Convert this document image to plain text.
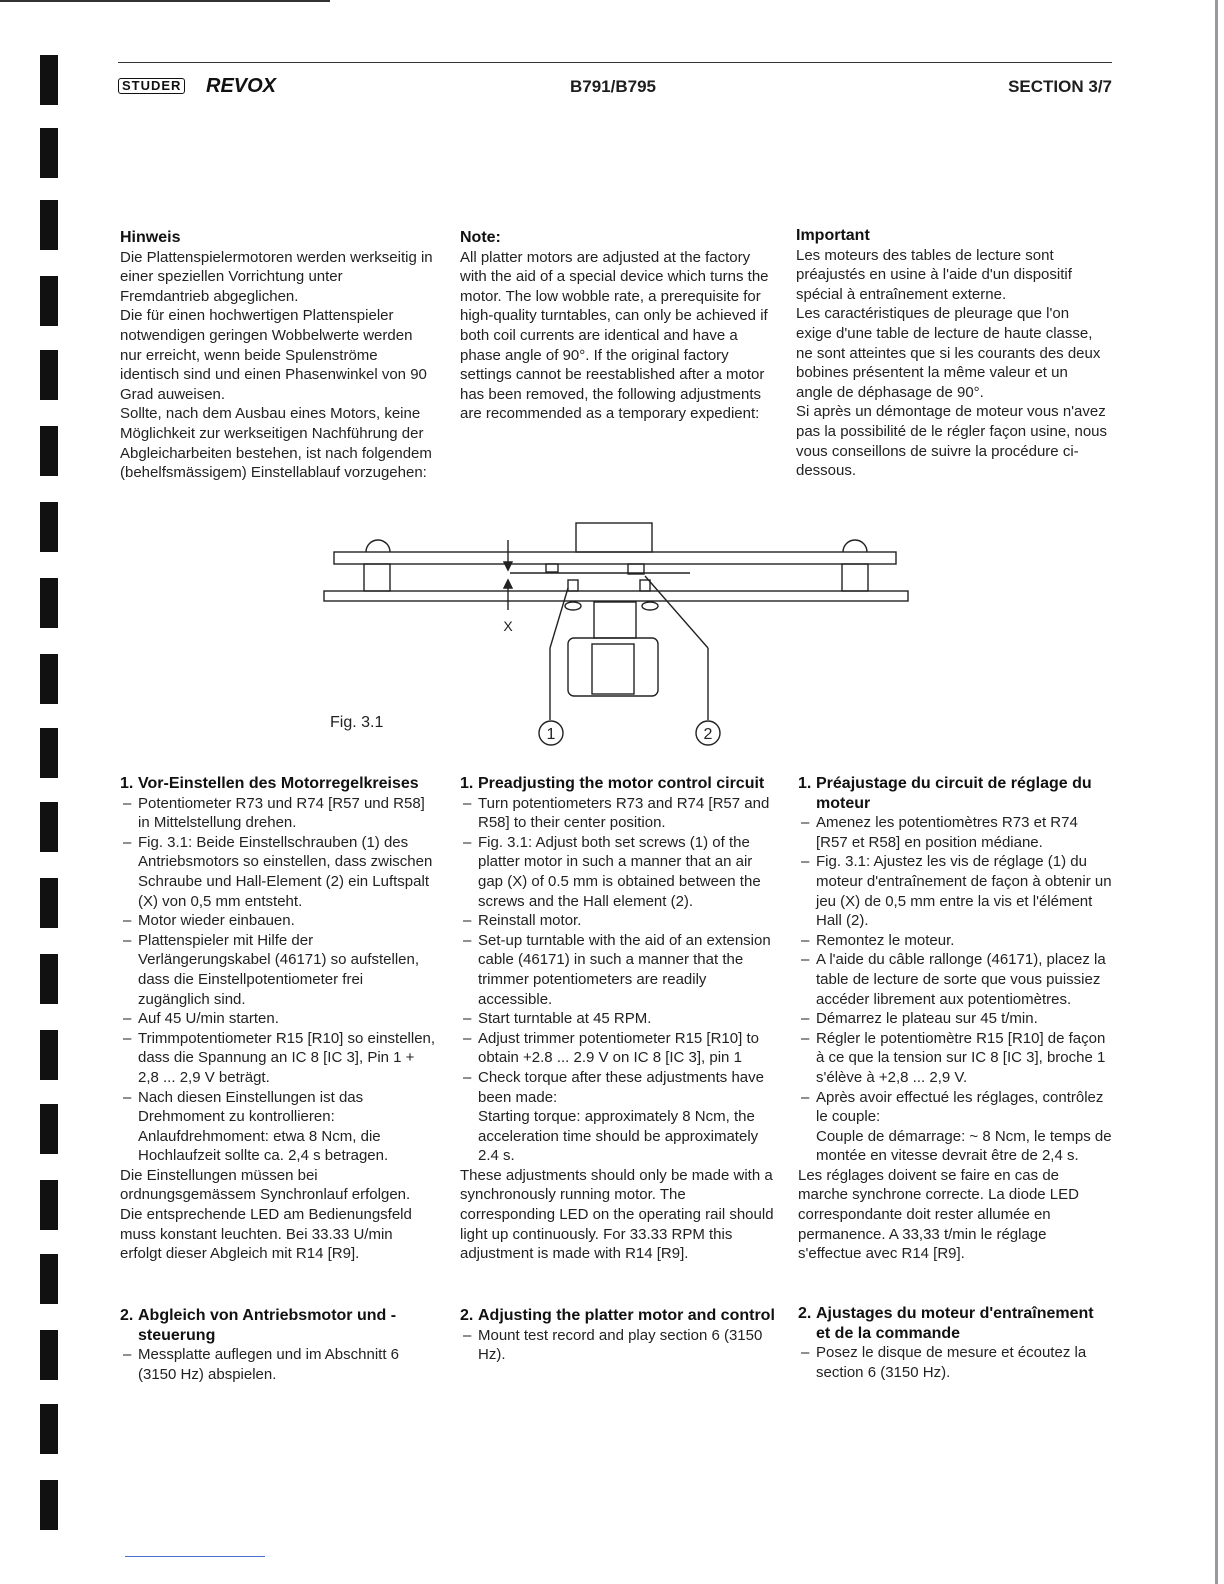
STUDER REVOX	B791/B795	SECTION 3/7

Hinweis

Die Plattenspielermotoren werden werkseitig in einer speziellen Vorrichtung unter Fremdantrieb abgeglichen.

Die für einen hochwertigen Plattenspieler notwendigen geringen Wobbelwerte werden nur erreicht, wenn beide Spulenströme identisch sind und einen Phasenwinkel von 90 Grad auweisen.

Sollte, nach dem Ausbau eines Motors, keine Möglichkeit zur werkseitigen Nachführung der Abgleicharbeiten bestehen, ist nach folgendem (behelfsmässigem) Einstellablauf vorzugehen:

Note:

All platter motors are adjusted at the factory with the aid of a special device which turns the motor. The low wobble rate, a prerequisite for high-quality turntables, can only be achieved if both coil currents are identical and have a phase angle of 90°. If the original factory settings cannot be reestablished after a motor has been removed, the following adjustments are recommended as a temporary expedient:

Important

Les moteurs des tables de lecture sont préajustés en usine à l'aide d'un dispositif spécial à entraînement externe.

Les caractéristiques de pleurage que l'on exige d'une table de lecture de haute classe, ne sont atteintes que si les courants des deux bobines présentent la même valeur et un angle de déphasage de 90°.

Si après un démontage de moteur vous n'avez pas la possibilité de le régler façon usine, nous vous conseillons de suivre la procédure ci-dessous.

1	2
X
Fig. 3.1

1. Vor-Einstellen des Motorregelkreises

– Potentiometer R73 und R74 [R57 und R58] in Mittelstellung drehen.
– Fig. 3.1: Beide Einstellschrauben (1) des Antriebsmotors so einstellen, dass zwischen Schraube und Hall-Element (2) ein Luftspalt (X) von 0,5 mm entsteht.
– Motor wieder einbauen.
– Plattenspieler mit Hilfe der Verlängerungskabel (46171) so aufstellen, dass die Einstellpotentiometer frei zugänglich sind.
– Auf 45 U/min starten.
– Trimmpotentiometer R15 [R10] so einstellen, dass die Spannung an IC 8 [IC 3], Pin 1 + 2,8 ... 2,9 V beträgt.
– Nach diesen Einstellungen ist das Drehmoment zu kontrollieren:

Anlaufdrehmoment: etwa 8 Ncm, die Hochlaufzeit sollte ca. 2,4 s betragen.

Die Einstellungen müssen bei ordnungsgemässem Synchronlauf erfolgen. Die entsprechende LED am Bedienungsfeld muss konstant leuchten. Bei 33.33 U/min erfolgt dieser Abgleich mit R14 [R9].

1. Preadjusting the motor control circuit

– Turn potentiometers R73 and R74 [R57 and R58] to their center position.
– Fig. 3.1: Adjust both set screws (1) of the platter motor in such a manner that an air gap (X) of 0.5 mm is obtained between the screws and the Hall element (2).
– Reinstall motor.
– Set-up turntable with the aid of an extension cable (46171) in such a manner that the trimmer potentiometers are readily accessible.
– Start turntable at 45 RPM.
– Adjust trimmer potentiometer R15 [R10] to obtain +2.8 ... 2.9 V on IC 8 [IC 3], pin 1
– Check torque after these adjustments have been made:

Starting torque: approximately 8 Ncm, the acceleration time should be approximately 2.4 s.

These adjustments should only be made with a synchronously running motor. The corresponding LED on the operating rail should light up continuously. For 33.33 RPM this adjustment is made with R14 [R9].

1. Préajustage du circuit de réglage du moteur

– Amenez les potentiomètres R73 et R74 [R57 et R58] en position médiane.
– Fig. 3.1: Ajustez les vis de réglage (1) du moteur d'entraînement de façon à obtenir un jeu (X) de 0,5 mm entre la vis et l'élément Hall (2).
– Remontez le moteur.
– A l'aide du câble rallonge (46171), placez la table de lecture de sorte que vous puissiez accéder librement aux potentiomètres.
– Démarrez le plateau sur 45 t/min.
– Régler le potentiomètre R15 [R10] de façon à ce que la tension sur IC 8 [IC 3], broche 1 s'élève à +2,8 ... 2,9 V.
– Après avoir effectué les réglages, contrôlez le couple:

Couple de démarrage: ~ 8 Ncm, le temps de montée en vitesse devrait être de 2,4 s.

Les réglages doivent se faire en cas de marche synchrone correcte. La diode LED correspondante doit rester allumée en permanence. A 33,33 t/min le réglage s'effectue avec R14 [R9].

2. Abgleich von Antriebsmotor und -steuerung

– Messplatte auflegen und im Abschnitt 6 (3150 Hz) abspielen.

2. Adjusting the platter motor and control

– Mount test record and play section 6 (3150 Hz).

2. Ajustages du moteur d'entraînement et de la commande

– Posez le disque de mesure et écoutez la section 6 (3150 Hz).
